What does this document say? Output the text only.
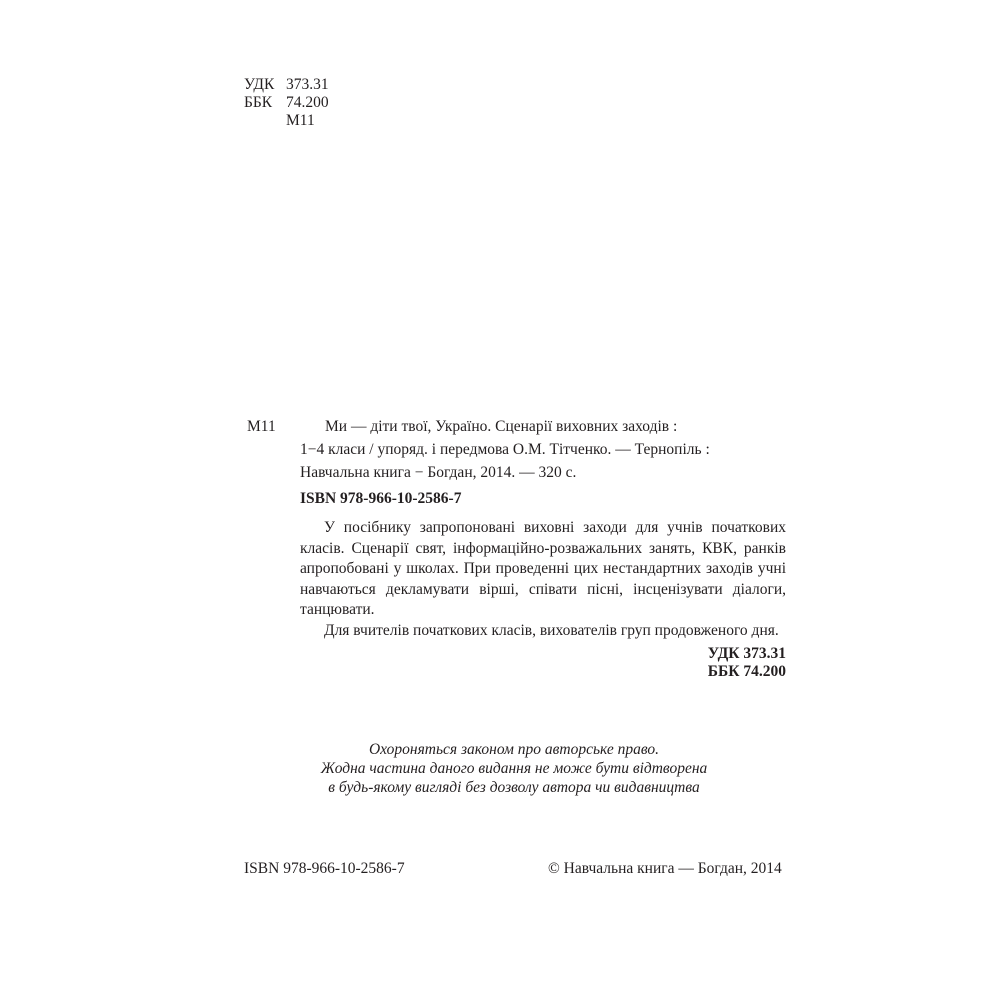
УДК 373.31
ББК 74.200
М11
М11	Ми — діти твої, Україно. Сценарії виховних заходів :
1−4 класи / упоряд. і передмова О.М. Тітченко. — Тернопіль :
Навчальна книга − Богдан, 2014. — 320 с.
ISBN 978-966-10-2586-7

У посібнику запропоновані виховні заходи для учнів початкових класів. Сценарії свят, інформаційно-розважальних занять, КВК, ранків апропобовані у школах. При проведенні цих нестандартних заходів учні навчаються декламувати вірші, співати пісні, інсценізувати діалоги, танцювати.

Для вчителів початкових класів, вихователів груп продовженого дня.

УДК 373.31
ББК 74.200
Охороняться законом про авторське право.
Жодна частина даного видання не може бути відтворена
в будь-якому вигляді без дозволу автора чи видавництва
ISBN 978-966-10-2586-7	© Навчальна книга — Богдан, 2014
